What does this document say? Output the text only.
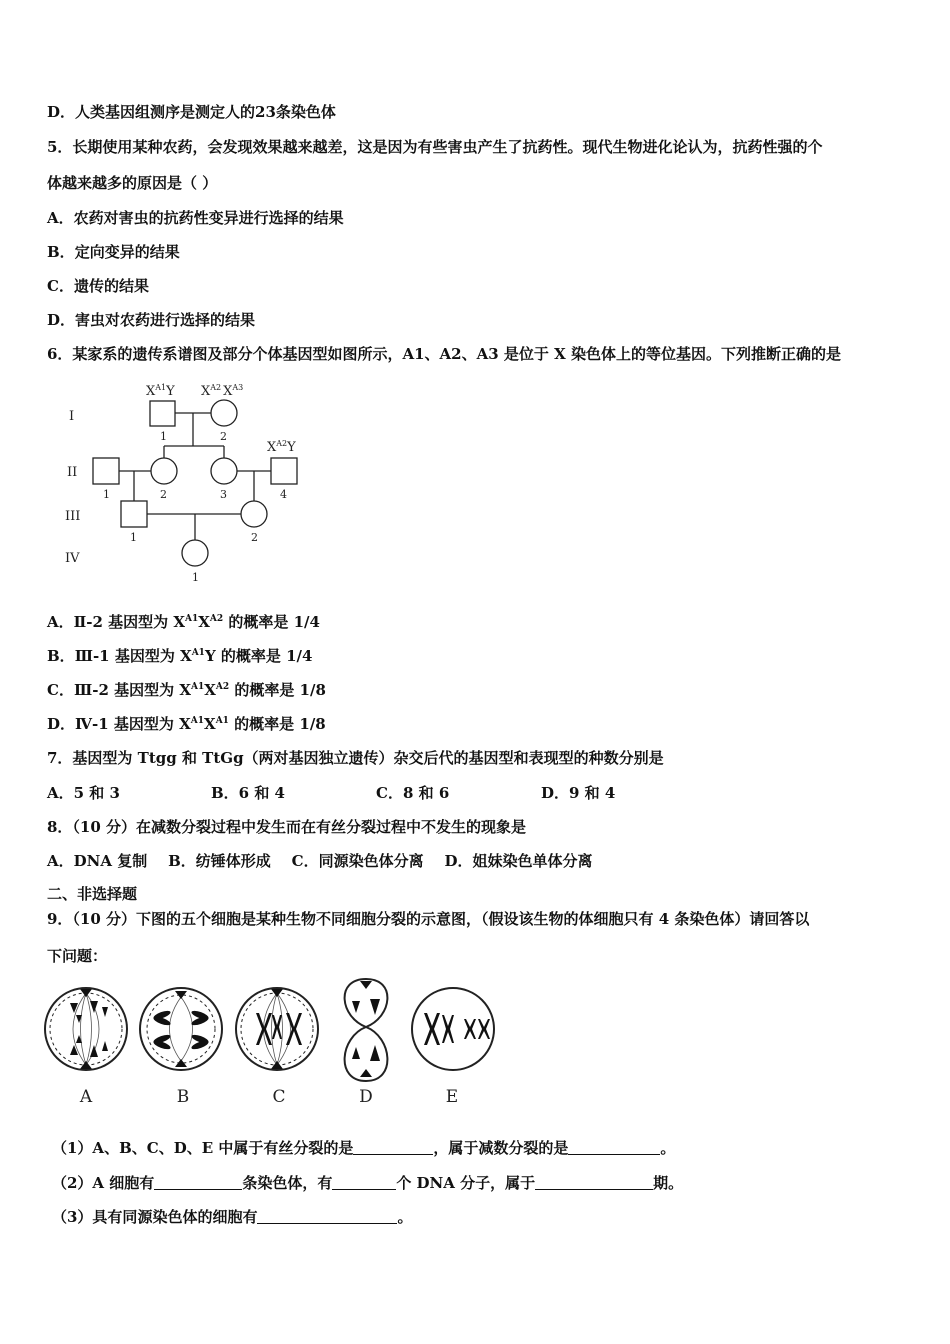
D．人类基因组测序是测定人的23条染色体
5．长期使用某种农药，会发现效果越来越差，这是因为有些害虫产生了抗药性。现代生物进化论认为，抗药性强的个
体越来越多的原因是（ ）
A．农药对害虫的抗药性变异进行选择的结果
B．定向变异的结果
C．遗传的结果
D．害虫对农药进行选择的结果
6．某家系的遗传系谱图及部分个体基因型如图所示，A1、A2、A3 是位于 X 染色体上的等位基因。下列推断正确的是
I
II
III
IV
$X^{A1}Y$ $X^{A2}$ $X^{A3}$
$X^{A2}Y$
1	2
1	2	3	4
1	2
1
A．Ⅱ-2 基因型为 $X^{A1}X^{A2}$ 的概率是 1/4
B．Ⅲ-1 基因型为 $X^{A1}Y$ 的概率是 1/4
C．Ⅲ-2 基因型为 $X^{A1}X^{A2}$ 的概率是 1/8
D．Ⅳ-1 基因型为 $X^{A1}X^{A1}$ 的概率是 1/8
7．基因型为 Ttgg 和 TtGg（两对基因独立遗传）杂交后代的基因型和表现型的种数分别是
A．5 和 3	B．6 和 4	C．8 和 6	D．9 和 4
8．（10 分）在减数分裂过程中发生而在有丝分裂过程中不发生的现象是
A．DNA 复制    B．纺锤体形成    C．同源染色体分离    D．姐妹染色单体分离
二、非选择题
9．（10 分）下图的五个细胞是某种生物不同细胞分裂的示意图，（假设该生物的体细胞只有 4 条染色体）请回答以
下问题：
A	B	C	D	E
（1）A、B、C、D、E 中属于有丝分裂的是	，属于减数分裂的是	。
（2）A 细胞有	条染色体，有	个 DNA 分子，属于	期。
（3）具有同源染色体的细胞有	。
